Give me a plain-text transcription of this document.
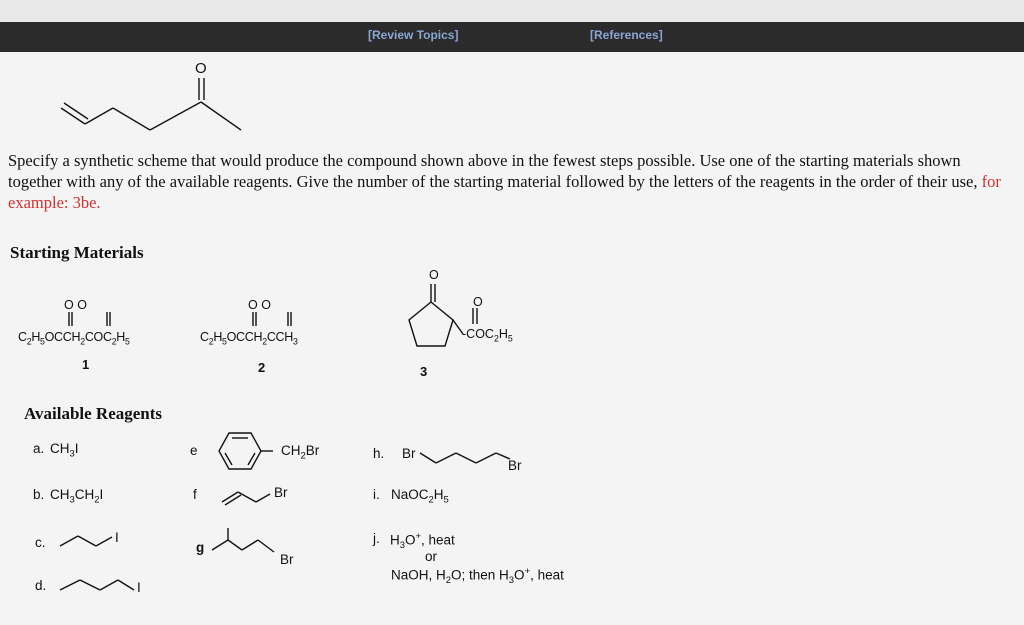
[Review Topics]	[References]
O
Specify a synthetic scheme that would produce the compound shown above in the fewest steps possible. Use one of the starting materials shown together with any of the available reagents. Give the number of the starting material followed by the letters of the reagents in the order of their use, for example: 3be.
Starting Materials
O O
$C_2H_5OCCH_2COC_2H_5$
1
O O
$C_2H_5OCCH_2CCH_3$
2
O
O
$-COC_2H_5$
3
Available Reagents
a. $CH_3I$
b. $CH_3CH_2I$
c.	I
d.	I
e	$CH_2Br$
f	Br
g
Br
h. Br
Br
i. $NaOC_2H_5$
j. $H_3O^+$, heat
or
NaOH, $H_2O$; then $H_3O^+$, heat
